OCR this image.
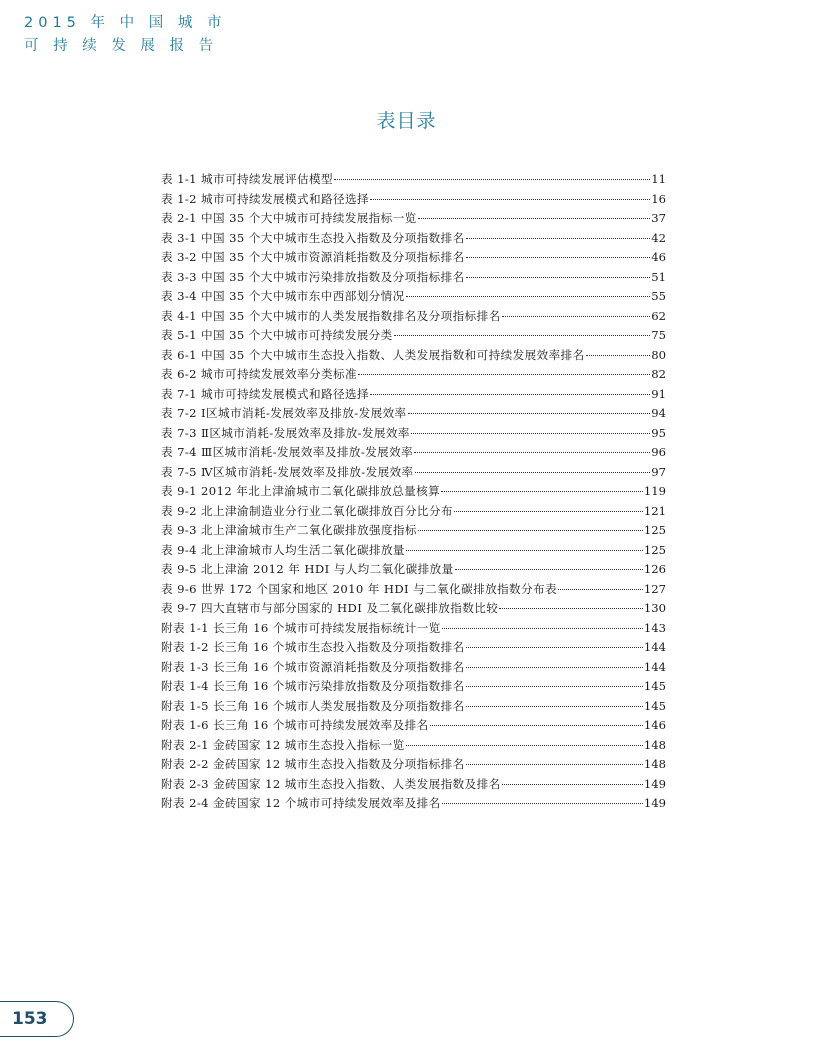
2015 年 中 国 城 市
可 持 续 发 展 报 告
表目录
表 1-1 城市可持续发展评估模型	11
表 1-2 城市可持续发展模式和路径选择	16
表 2-1 中国 35 个大中城市可持续发展指标一览	37
表 3-1 中国 35 个大中城市生态投入指数及分项指数排名	42
表 3-2 中国 35 个大中城市资源消耗指数及分项指标排名	46
表 3-3 中国 35 个大中城市污染排放指数及分项指标排名	51
表 3-4 中国 35 个大中城市东中西部划分情况	55
表 4-1 中国 35 个大中城市的人类发展指数排名及分项指标排名	62
表 5-1 中国 35 个大中城市可持续发展分类	75
表 6-1 中国 35 个大中城市生态投入指数、人类发展指数和可持续发展效率排名	80
表 6-2 城市可持续发展效率分类标准	82
表 7-1 城市可持续发展模式和路径选择	91
表 7-2 Ⅰ区城市消耗-发展效率及排放-发展效率	94
表 7-3 Ⅱ区城市消耗-发展效率及排放-发展效率	95
表 7-4 Ⅲ区城市消耗-发展效率及排放-发展效率	96
表 7-5 Ⅳ区城市消耗-发展效率及排放-发展效率	97
表 9-1 2012 年北上津渝城市二氧化碳排放总量核算	119
表 9-2 北上津渝制造业分行业二氧化碳排放百分比分布	121
表 9-3 北上津渝城市生产二氧化碳排放强度指标	125
表 9-4 北上津渝城市人均生活二氧化碳排放量	125
表 9-5 北上津渝 2012 年 HDI 与人均二氧化碳排放量	126
表 9-6 世界 172 个国家和地区 2010 年 HDI 与二氧化碳排放指数分布表	127
表 9-7 四大直辖市与部分国家的 HDI 及二氧化碳排放指数比较	130
附表 1-1 长三角 16 个城市可持续发展指标统计一览	143
附表 1-2 长三角 16 个城市生态投入指数及分项指数排名	144
附表 1-3 长三角 16 个城市资源消耗指数及分项指数排名	144
附表 1-4 长三角 16 个城市污染排放指数及分项指数排名	145
附表 1-5 长三角 16 个城市人类发展指数及分项指数排名	145
附表 1-6 长三角 16 个城市可持续发展效率及排名	146
附表 2-1 金砖国家 12 城市生态投入指标一览	148
附表 2-2 金砖国家 12 城市生态投入指数及分项指标排名	148
附表 2-3 金砖国家 12 城市生态投入指数、人类发展指数及排名	149
附表 2-4 金砖国家 12 个城市可持续发展效率及排名	149
153
